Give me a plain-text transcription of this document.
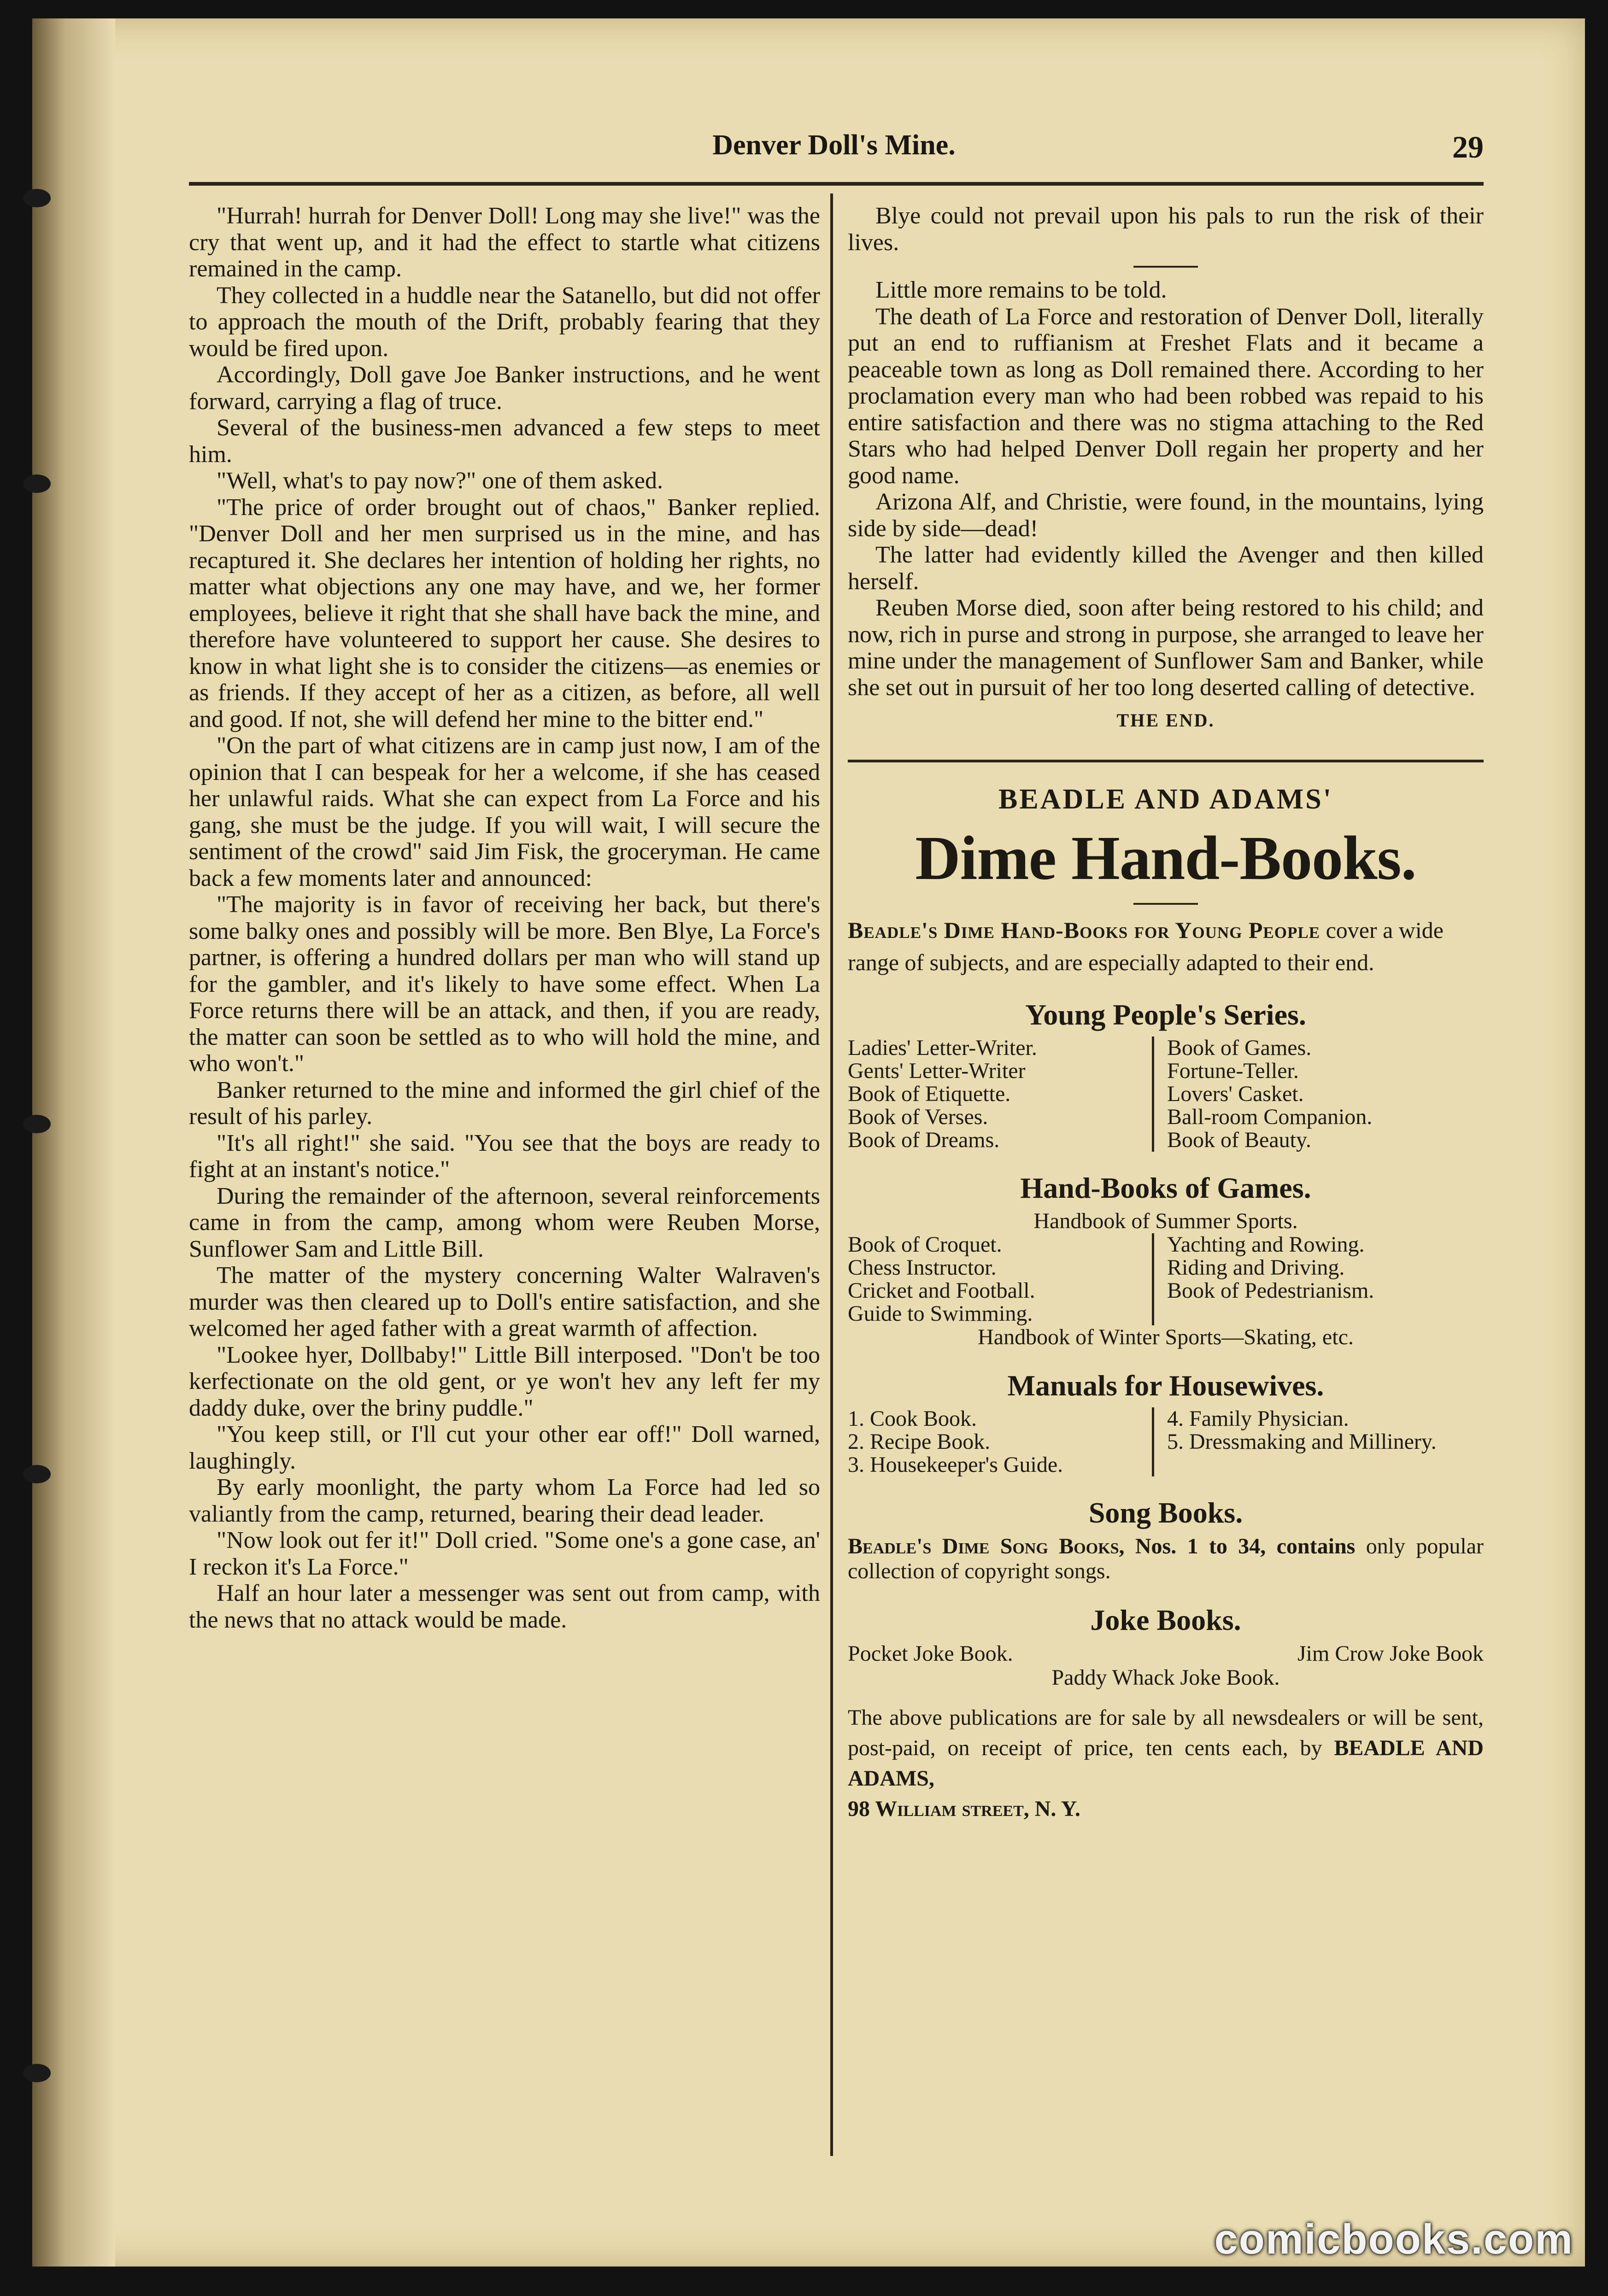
Denver Doll's Mine.	29

"Hurrah! hurrah for Denver Doll! Long may she live!" was the cry that went up, and it had the effect to startle what citizens remained in the camp.

They collected in a huddle near the Satanello, but did not offer to approach the mouth of the Drift, probably fearing that they would be fired upon.

Accordingly, Doll gave Joe Banker instructions, and he went forward, carrying a flag of truce.

Several of the business-men advanced a few steps to meet him.

"Well, what's to pay now?" one of them asked.

"The price of order brought out of chaos," Banker replied. "Denver Doll and her men surprised us in the mine, and has recaptured it. She declares her intention of holding her rights, no matter what objections any one may have, and we, her former employees, believe it right that she shall have back the mine, and therefore have volunteered to support her cause. She desires to know in what light she is to consider the citizens—as enemies or as friends. If they accept of her as a citizen, as before, all well and good. If not, she will defend her mine to the bitter end."

"On the part of what citizens are in camp just now, I am of the opinion that I can bespeak for her a welcome, if she has ceased her unlawful raids. What she can expect from La Force and his gang, she must be the judge. If you will wait, I will secure the sentiment of the crowd" said Jim Fisk, the groceryman. He came back a few moments later and announced:

"The majority is in favor of receiving her back, but there's some balky ones and possibly will be more. Ben Blye, La Force's partner, is offering a hundred dollars per man who will stand up for the gambler, and it's likely to have some effect. When La Force returns there will be an attack, and then, if you are ready, the matter can soon be settled as to who will hold the mine, and who won't."

Banker returned to the mine and informed the girl chief of the result of his parley.

"It's all right!" she said. "You see that the boys are ready to fight at an instant's notice."

During the remainder of the afternoon, several reinforcements came in from the camp, among whom were Reuben Morse, Sunflower Sam and Little Bill.

The matter of the mystery concerning Walter Walraven's murder was then cleared up to Doll's entire satisfaction, and she welcomed her aged father with a great warmth of affection.

"Lookee hyer, Dollbaby!" Little Bill interposed. "Don't be too kerfectionate on the old gent, or ye won't hev any left fer my daddy duke, over the briny puddle."

"You keep still, or I'll cut your other ear off!" Doll warned, laughingly.

By early moonlight, the party whom La Force had led so valiantly from the camp, returned, bearing their dead leader.

"Now look out fer it!" Doll cried. "Some one's a gone case, an' I reckon it's La Force."

Half an hour later a messenger was sent out from camp, with the news that no attack would be made.

Blye could not prevail upon his pals to run the risk of their lives.

Little more remains to be told.

The death of La Force and restoration of Denver Doll, literally put an end to ruffianism at Freshet Flats and it became a peaceable town as long as Doll remained there. According to her proclamation every man who had been robbed was repaid to his entire satisfaction and there was no stigma attaching to the Red Stars who had helped Denver Doll regain her property and her good name.

Arizona Alf, and Christie, were found, in the mountains, lying side by side—dead!

The latter had evidently killed the Avenger and then killed herself.

Reuben Morse died, soon after being restored to his child; and now, rich in purse and strong in purpose, she arranged to leave her mine under the management of Sunflower Sam and Banker, while she set out in pursuit of her too long deserted calling of detective.

THE END.
BEADLE AND ADAMS'
Dime Hand-Books.
Beadle's Dime Hand-Books for Young People cover a wide range of subjects, and are especially adapted to their end.
Young People's Series.
Ladies' Letter-Writer.
Gents' Letter-Writer
Book of Etiquette.
Book of Verses.
Book of Dreams.
Book of Games.
Fortune-Teller.
Lovers' Casket.
Ball-room Companion.
Book of Beauty.
Hand-Books of Games.
Handbook of Summer Sports.
Book of Croquet.
Chess Instructor.
Cricket and Football.
Guide to Swimming.
Yachting and Rowing.
Riding and Driving.
Book of Pedestrianism.
Handbook of Winter Sports—Skating, etc.
Manuals for Housewives.
1. Cook Book.
2. Recipe Book.
3. Housekeeper's Guide.
4. Family Physician.
5. Dressmaking and Millinery.
Song Books.
Beadle's Dime Song Books, Nos. 1 to 34, contains only popular collection of copyright songs.
Joke Books.
Pocket Joke Book.	Jim Crow Joke Book
Paddy Whack Joke Book.
The above publications are for sale by all newsdealers or will be sent, post-paid, on receipt of price, ten cents each, by BEADLE AND ADAMS,
98 William street, N. Y.
comicbooks.com
